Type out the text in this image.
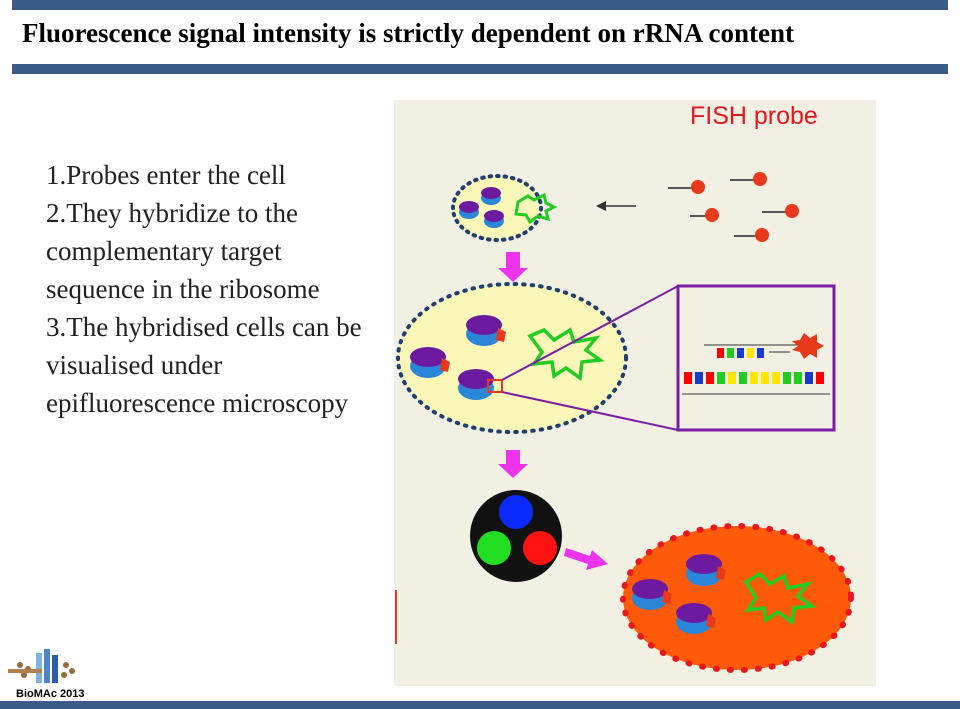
Fluorescence signal intensity is strictly dependent on rRNA content
1.Probes enter the cell
2.They hybridize to the complementary target sequence in the ribosome
3.The hybridised cells can be visualised under epifluorescence microscopy
FISH probe
BioMAc 2013
